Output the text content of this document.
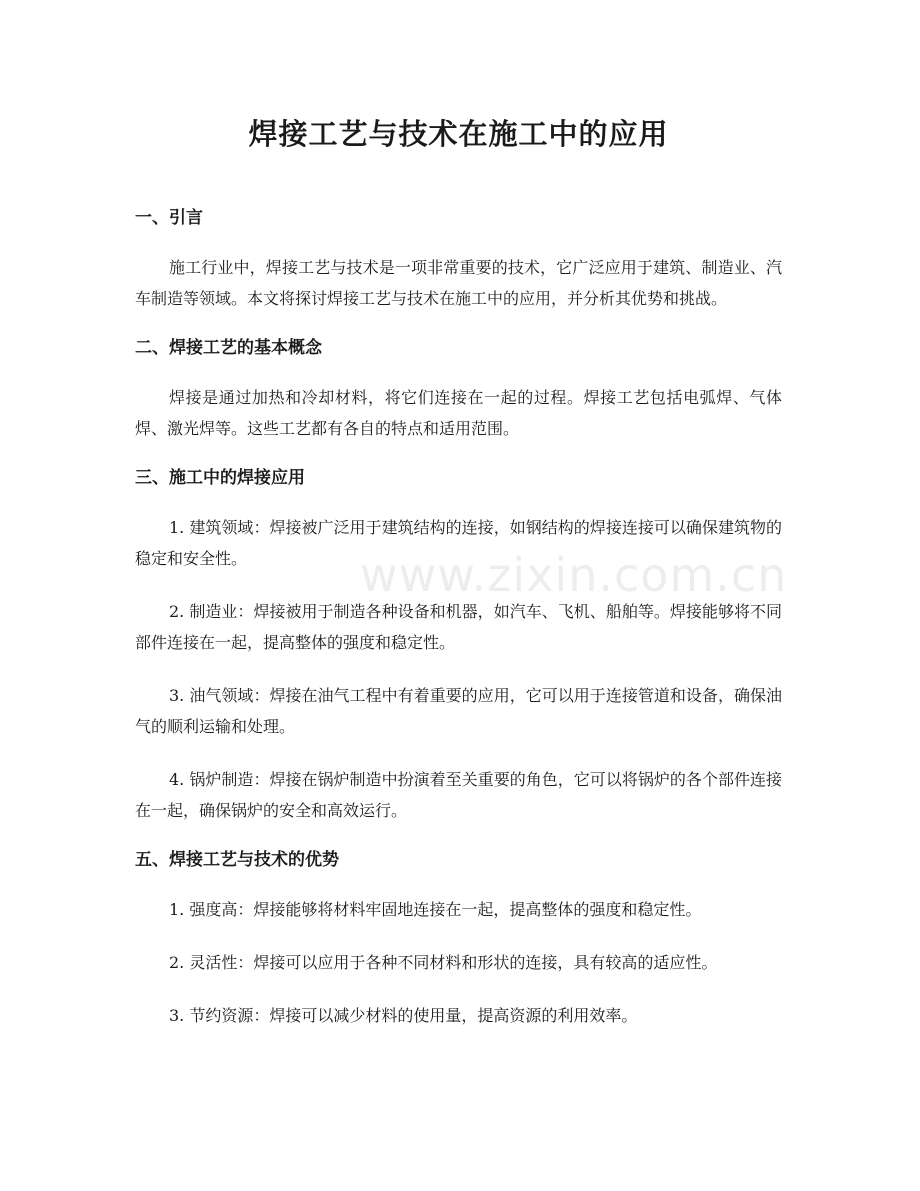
焊接工艺与技术在施工中的应用
一、引言

施工行业中，焊接工艺与技术是一项非常重要的技术，它广泛应用于建筑、制造业、汽车制造等领域。本文将探讨焊接工艺与技术在施工中的应用，并分析其优势和挑战。

二、焊接工艺的基本概念

焊接是通过加热和冷却材料，将它们连接在一起的过程。焊接工艺包括电弧焊、气体焊、激光焊等。这些工艺都有各自的特点和适用范围。

三、施工中的焊接应用

1. 建筑领域：焊接被广泛用于建筑结构的连接，如钢结构的焊接连接可以确保建筑物的稳定和安全性。

2. 制造业：焊接被用于制造各种设备和机器，如汽车、飞机、船舶等。焊接能够将不同部件连接在一起，提高整体的强度和稳定性。

3. 油气领域：焊接在油气工程中有着重要的应用，它可以用于连接管道和设备，确保油气的顺利运输和处理。

4. 锅炉制造：焊接在锅炉制造中扮演着至关重要的角色，它可以将锅炉的各个部件连接在一起，确保锅炉的安全和高效运行。

五、焊接工艺与技术的优势

1. 强度高：焊接能够将材料牢固地连接在一起，提高整体的强度和稳定性。

2. 灵活性：焊接可以应用于各种不同材料和形状的连接，具有较高的适应性。

3. 节约资源：焊接可以减少材料的使用量，提高资源的利用效率。

www.zixin.com.cn
